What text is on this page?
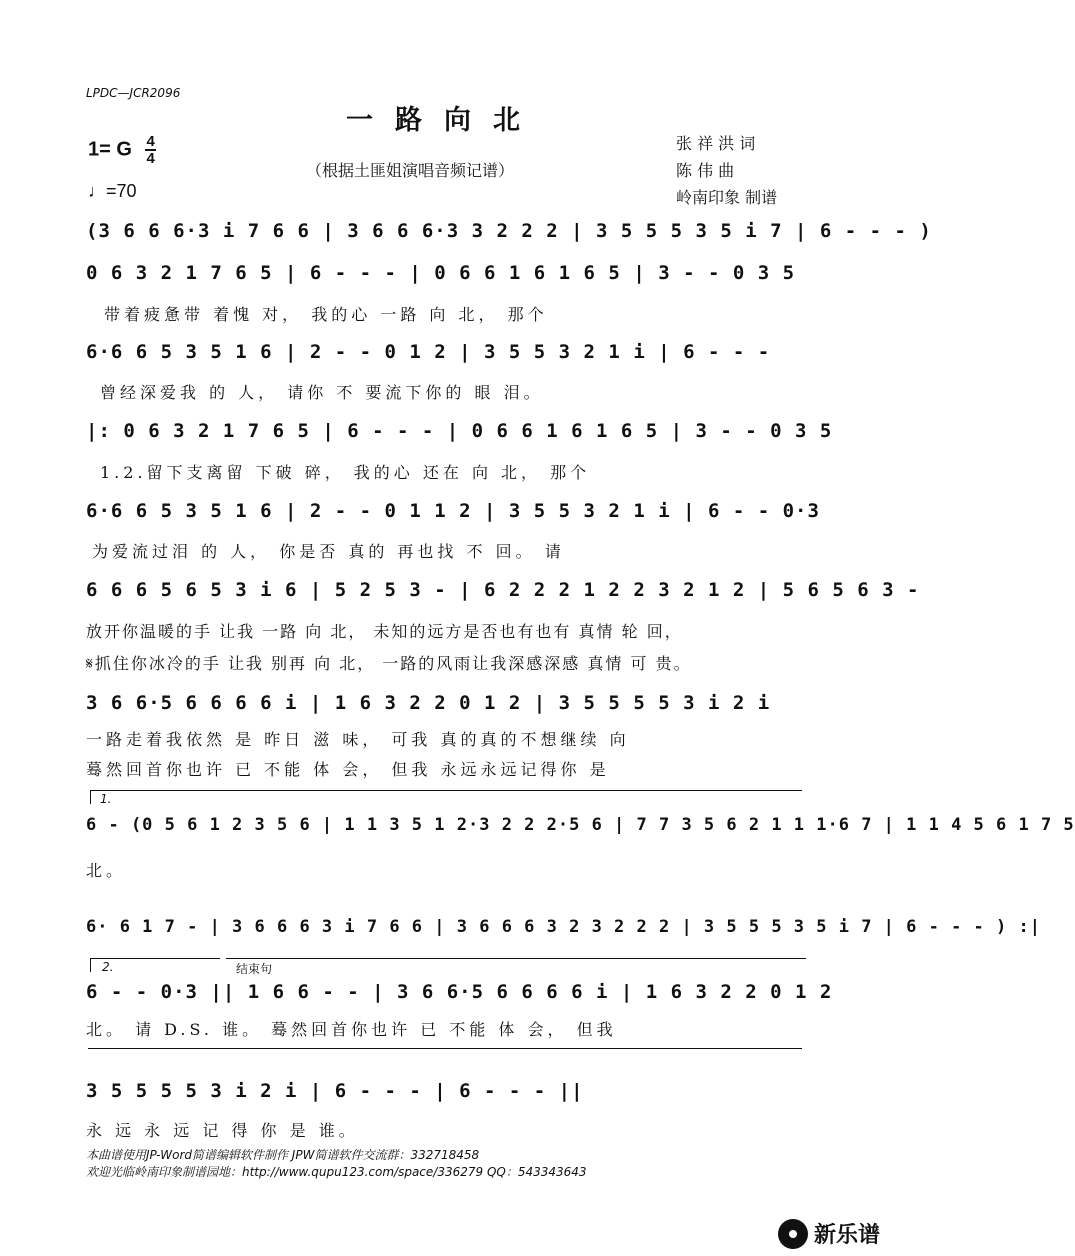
LPDC—JCR2096
一路向北
1= G $\frac{4}{4}$
♩=70
（根据土匪姐演唱音频记谱）
张 祥 洪 词
陈 伟 曲
岭南印象 制谱
(3 6 6 6·3 i 7 6 6 | 3 6 6 6·3 3 2 2 2 | 3 5 5 5 3 5 i 7 | 6 - - - )
0 6 3 2 1 7 6 5 | 6 - - - | 0 6 6 1 6 1 6 5 | 3 - - 0 3 5
带着疲惫带 着愧 对， 我的心 一路 向 北， 那个
6·6 6 5 3 5 1 6 | 2 - - 0 1 2 | 3 5 5 3 2 1 i | 6 - - -
曾经深爱我 的 人， 请你 不 要流下你的 眼 泪。
|: 0 6 3 2 1 7 6 5 | 6 - - - | 0 6 6 1 6 1 6 5 | 3 - - 0 3 5
1.2.留下支离留 下破 碎， 我的心 还在 向 北， 那个
6·6 6 5 3 5 1 6 | 2 - - 0 1 1 2 | 3 5 5 3 2 1 i | 6 - - 0·3
为爱流过泪 的 人， 你是否 真的 再也找 不 回。 请
6 6 6 5 6 5 3 i 6 | 5 2 5 3 - | 6 2 2 2 1 2 2 3 2 1 2 | 5 6 5 6 3 -
放开你温暖的手 让我 一路 向 北， 未知的远方是否也有也有 真情 轮 回，
𝄋抓住你冰冷的手 让我 别再 向 北， 一路的风雨让我深感深感 真情 可 贵。
3 6 6·5 6 6 6 6 i | 1 6 3 2 2 0 1 2 | 3 5 5 5 5 3 i 2 i
一路走着我依然 是 昨日 滋 味， 可我 真的真的不想继续 向
蓦然回首你也许 已 不能 体 会， 但我 永远永远记得你 是
1.
6 - (0 5 6 1 2 3 5 6 | 1 1 3 5 1 2·3 2 2 2·5 6 | 7 7 3 5 6 2 1 1 1·6 7 | 1 1 4 5 6 1 7 5
北。
6· 6 1 7 - | 3 6 6 6 3 i 7 6 6 | 3 6 6 6 3 2 3 2 2 2 | 3 5 5 5 3 5 i 7 | 6 - - - ) :|
2.	结束句
6 - - 0·3 || 1 6 6 - - | 3 6 6·5 6 6 6 6 i | 1 6 3 2 2 0 1 2
北。 请 D.S. 谁。 蓦然回首你也许 已 不能 体 会， 但我
3 5 5 5 5 3 i 2 i | 6 - - - | 6 - - - ||
永 远 永 远 记 得 你 是 谁。
本曲谱使用JP-Word简谱编辑软件制作 JPW简谱软件交流群：332718458
欢迎光临岭南印象制谱园地：http://www.qupu123.com/space/336279 QQ：543343643
新乐谱
